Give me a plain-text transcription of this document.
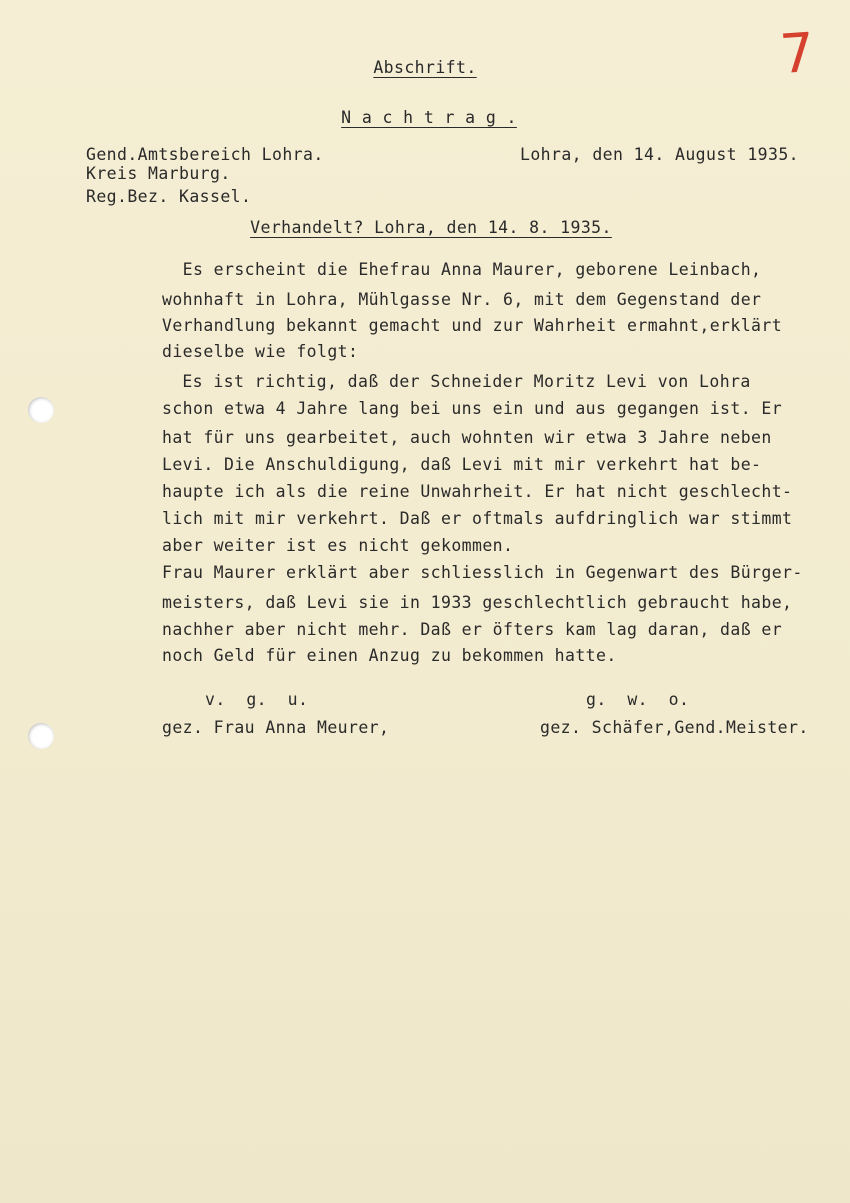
7
Abschrift.
N a c h t r a g .
Gend.Amtsbereich Lohra.
Kreis Marburg.
Reg.Bez. Kassel.
Lohra, den 14. August 1935.
Verhandelt? Lohra, den 14. 8. 1935.
Es erscheint die Ehefrau Anna Maurer, geborene Leinbach,
wohnhaft in Lohra, Mühlgasse Nr. 6, mit dem Gegenstand der
Verhandlung bekannt gemacht und zur Wahrheit ermahnt,erklärt
dieselbe wie folgt:
Es ist richtig, daß der Schneider Moritz Levi von Lohra
schon etwa 4 Jahre lang bei uns ein und aus gegangen ist. Er
hat für uns gearbeitet, auch wohnten wir etwa 3 Jahre neben
Levi. Die Anschuldigung, daß Levi mit mir verkehrt hat be-
haupte ich als die reine Unwahrheit. Er hat nicht geschlecht-
lich mit mir verkehrt. Daß er oftmals aufdringlich war stimmt
aber weiter ist es nicht gekommen.
Frau Maurer erklärt aber schliesslich in Gegenwart des Bürger-
meisters, daß Levi sie in 1933 geschlechtlich gebraucht habe,
nachher aber nicht mehr. Daß er öfters kam lag daran, daß er
noch Geld für einen Anzug zu bekommen hatte.
v.  g.  u.
gez. Frau Anna Meurer,
g.  w.  o.
gez. Schäfer,Gend.Meister.
